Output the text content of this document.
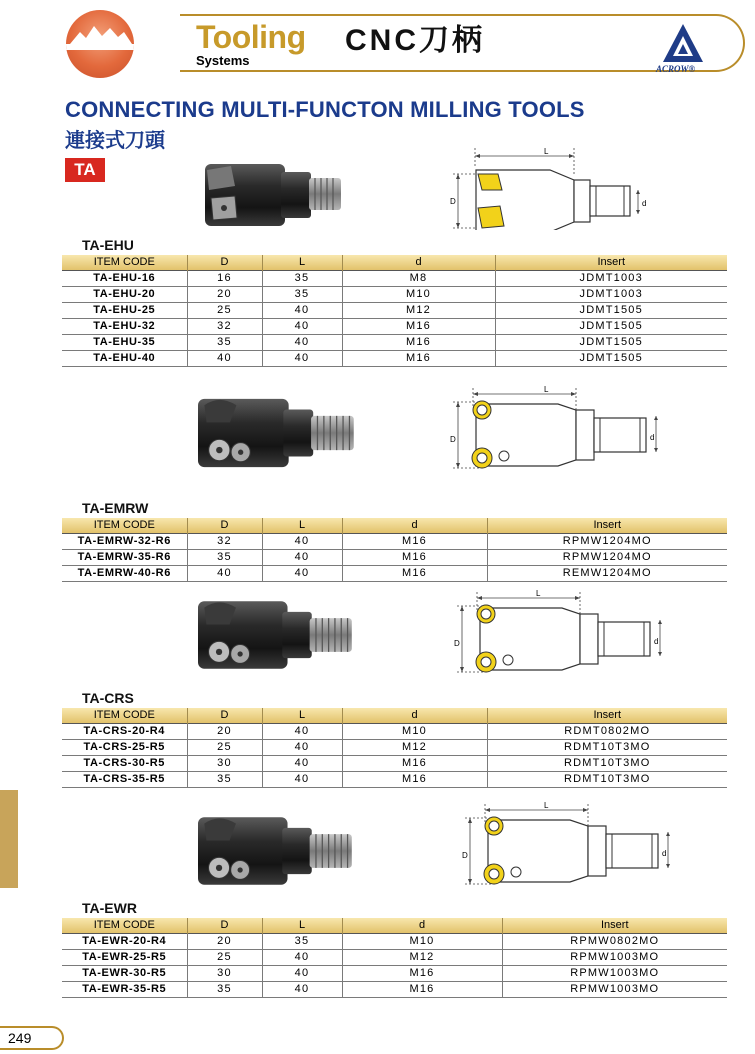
Tooling
Systems
CNC刀柄
ACROW®
CONNECTING MULTI-FUNCTON MILLING TOOLS
連接式刀頭
TA
L
D	d
TA-EHU
ITEM CODE	D	L	d	Insert
TA-EHU-16	16	35	M8	JDMT1003
TA-EHU-20	20	35	M10	JDMT1003
TA-EHU-25	25	40	M12	JDMT1505
TA-EHU-32	32	40	M16	JDMT1505
TA-EHU-35	35	40	M16	JDMT1505
TA-EHU-40	40	40	M16	JDMT1505
L
D	d
TA-EMRW
ITEM CODE	D	L	d	Insert
TA-EMRW-32-R6	32	40	M16	RPMW1204MO
TA-EMRW-35-R6	35	40	M16	RPMW1204MO
TA-EMRW-40-R6	40	40	M16	REMW1204MO
L
D	d
TA-CRS
ITEM CODE	D	L	d	Insert
TA-CRS-20-R4	20	40	M10	RDMT0802MO
TA-CRS-25-R5	25	40	M12	RDMT10T3MO
TA-CRS-30-R5	30	40	M16	RDMT10T3MO
TA-CRS-35-R5	35	40	M16	RDMT10T3MO
L
D	d
TA-EWR
ITEM CODE	D	L	d	Insert
TA-EWR-20-R4	20	35	M10	RPMW0802MO
TA-EWR-25-R5	25	40	M12	RPMW1003MO
TA-EWR-30-R5	30	40	M16	RPMW1003MO
TA-EWR-35-R5	35	40	M16	RPMW1003MO
249
